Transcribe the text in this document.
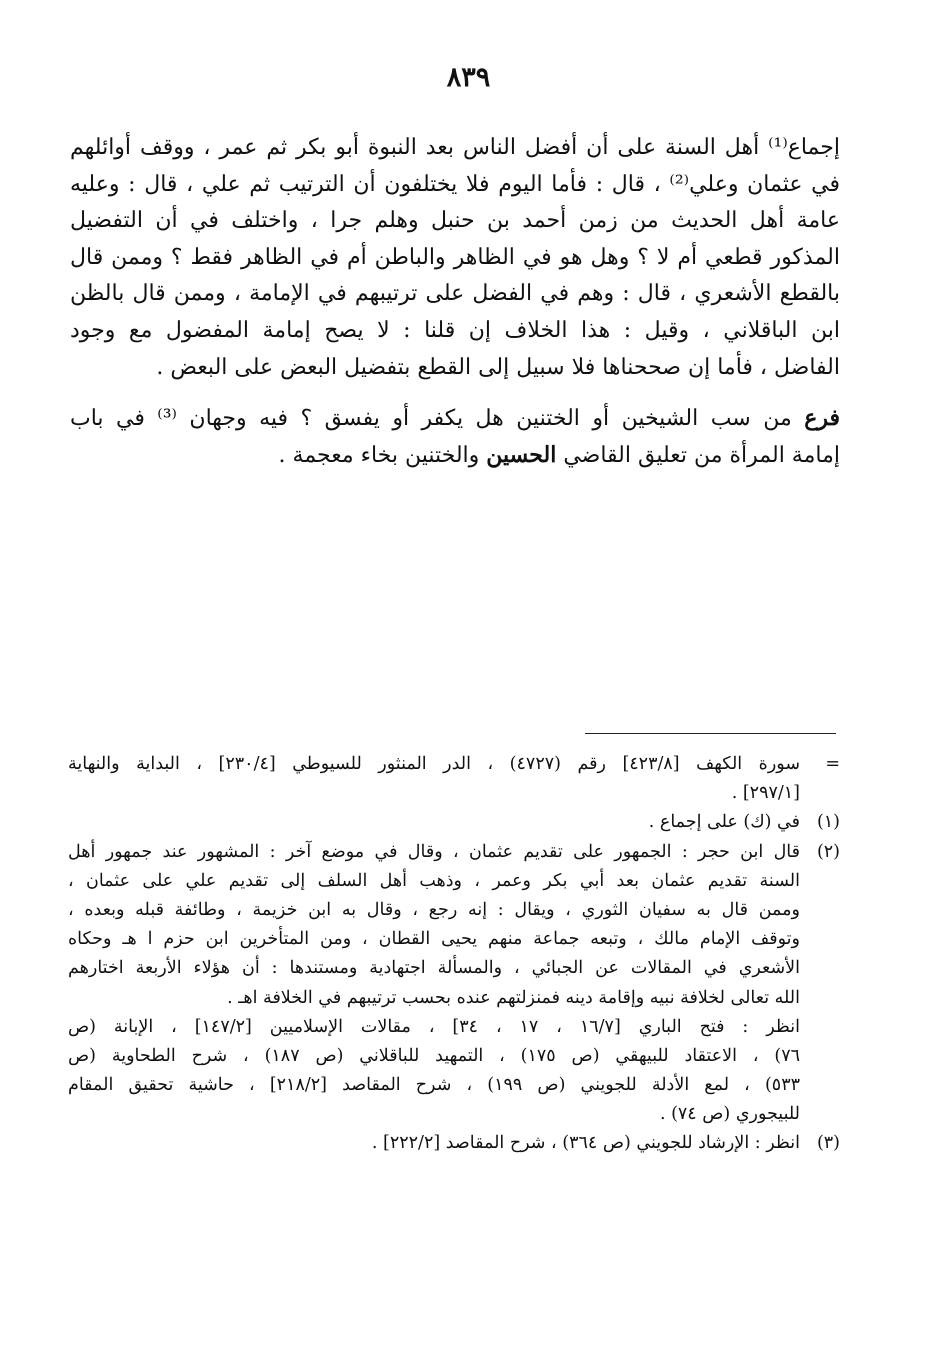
٨٣٩
إجماع⁽¹⁾ أهل السنة على أن أفضل الناس بعد النبوة أبو بكر ثم عمر ، ووقف أوائلهم
في عثمان وعلي⁽²⁾ ، قال : فأما اليوم فلا يختلفون أن الترتيب ثم علي ، قال : وعليه
عامة أهل الحديث من زمن أحمد بن حنبل وهلم جرا ، واختلف في أن التفضيل
المذكور قطعي أم لا ؟ وهل هو في الظاهر والباطن أم في الظاهر فقط ؟ وممن قال
بالقطع الأشعري ، قال : وهم في الفضل على ترتيبهم في الإمامة ، وممن قال بالظن
ابن الباقلاني ، وقيل : هذا الخلاف إن قلنا : لا يصح إمامة المفضول مع وجود
الفاضل ، فأما إن صححناها فلا سبيل إلى القطع بتفضيل البعض على البعض .
فرع من سب الشيخين أو الختنين هل يكفر أو يفسق ؟ فيه وجهان ⁽³⁾ في باب
إمامة المرأة من تعليق القاضي الحسين والختنين بخاء معجمة .
=سورة الكهف [٤٢٣/٨] رقم (٤٧٢٧) ، الدر المنثور للسيوطي [٢٣٠/٤] ، البداية والنهاية
[٢٩٧/١] .
(١)في (ك) على إجماع .
(٢)قال ابن حجر : الجمهور على تقديم عثمان ، وقال في موضع آخر : المشهور عند جمهور أهل
السنة تقديم عثمان بعد أبي بكر وعمر ، وذهب أهل السلف إلى تقديم علي على عثمان ،
وممن قال به سفيان الثوري ، ويقال : إنه رجع ، وقال به ابن خزيمة ، وطائفة قبله وبعده ،
وتوقف الإمام مالك ، وتبعه جماعة منهم يحيى القطان ، ومن المتأخرين ابن حزم ا هـ وحكاه
الأشعري في المقالات عن الجبائي ، والمسألة اجتهادية ومستندها : أن هؤلاء الأربعة اختارهم
الله تعالى لخلافة نبيه وإقامة دينه فمنزلتهم عنده بحسب ترتيبهم في الخلافة اهـ .
انظر : فتح الباري [١٦/٧ ، ١٧ ، ٣٤] ، مقالات الإسلاميين [١٤٧/٢] ، الإبانة (ص
٧٦) ، الاعتقاد للبيهقي (ص ١٧٥) ، التمهيد للباقلاني (ص ١٨٧) ، شرح الطحاوية (ص
٥٣٣) ، لمع الأدلة للجويني (ص ١٩٩) ، شرح المقاصد [٢١٨/٢] ، حاشية تحقيق المقام
للبيجوري (ص ٧٤) .
(٣)انظر : الإرشاد للجويني (ص ٣٦٤) ، شرح المقاصد [٢٢٢/٢] .
